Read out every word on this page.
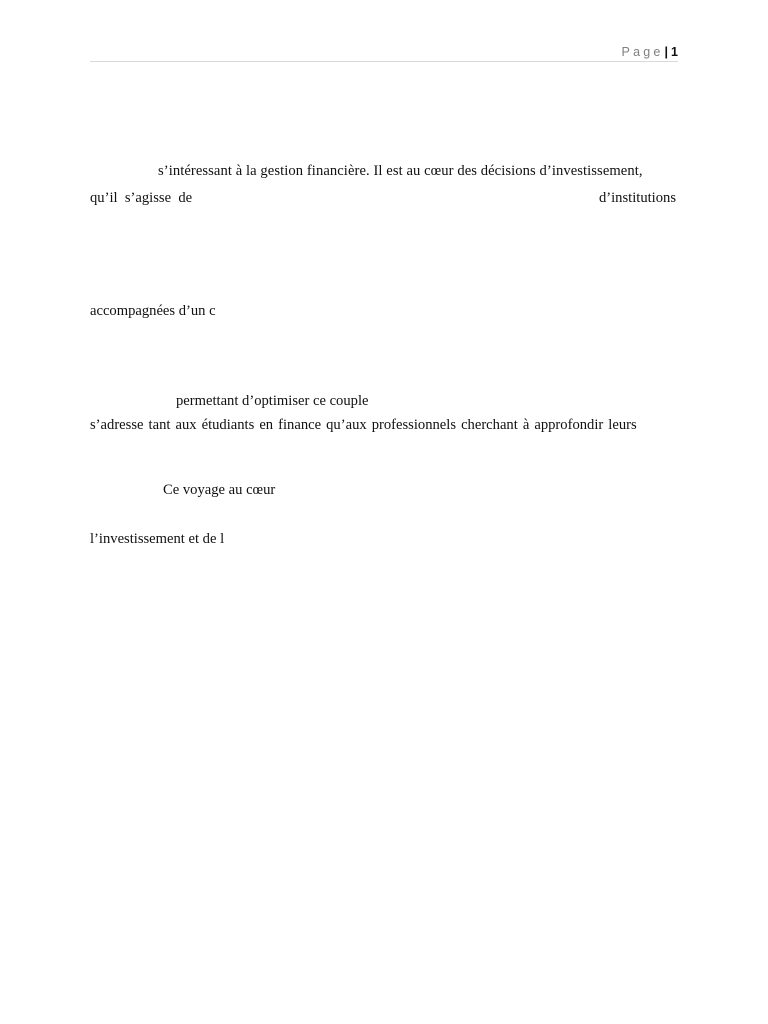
Page| 1
s’intéressant à la gestion financière. Il est au cœur des décisions d’investissement,
qu’il  s’agisse  de	d’institutions
accompagnées d’un c
permettant d’optimiser ce couple
s’adresse tant aux étudiants en finance qu’aux professionnels cherchant à approfondir leurs
Ce voyage au cœur
l’investissement et de l
